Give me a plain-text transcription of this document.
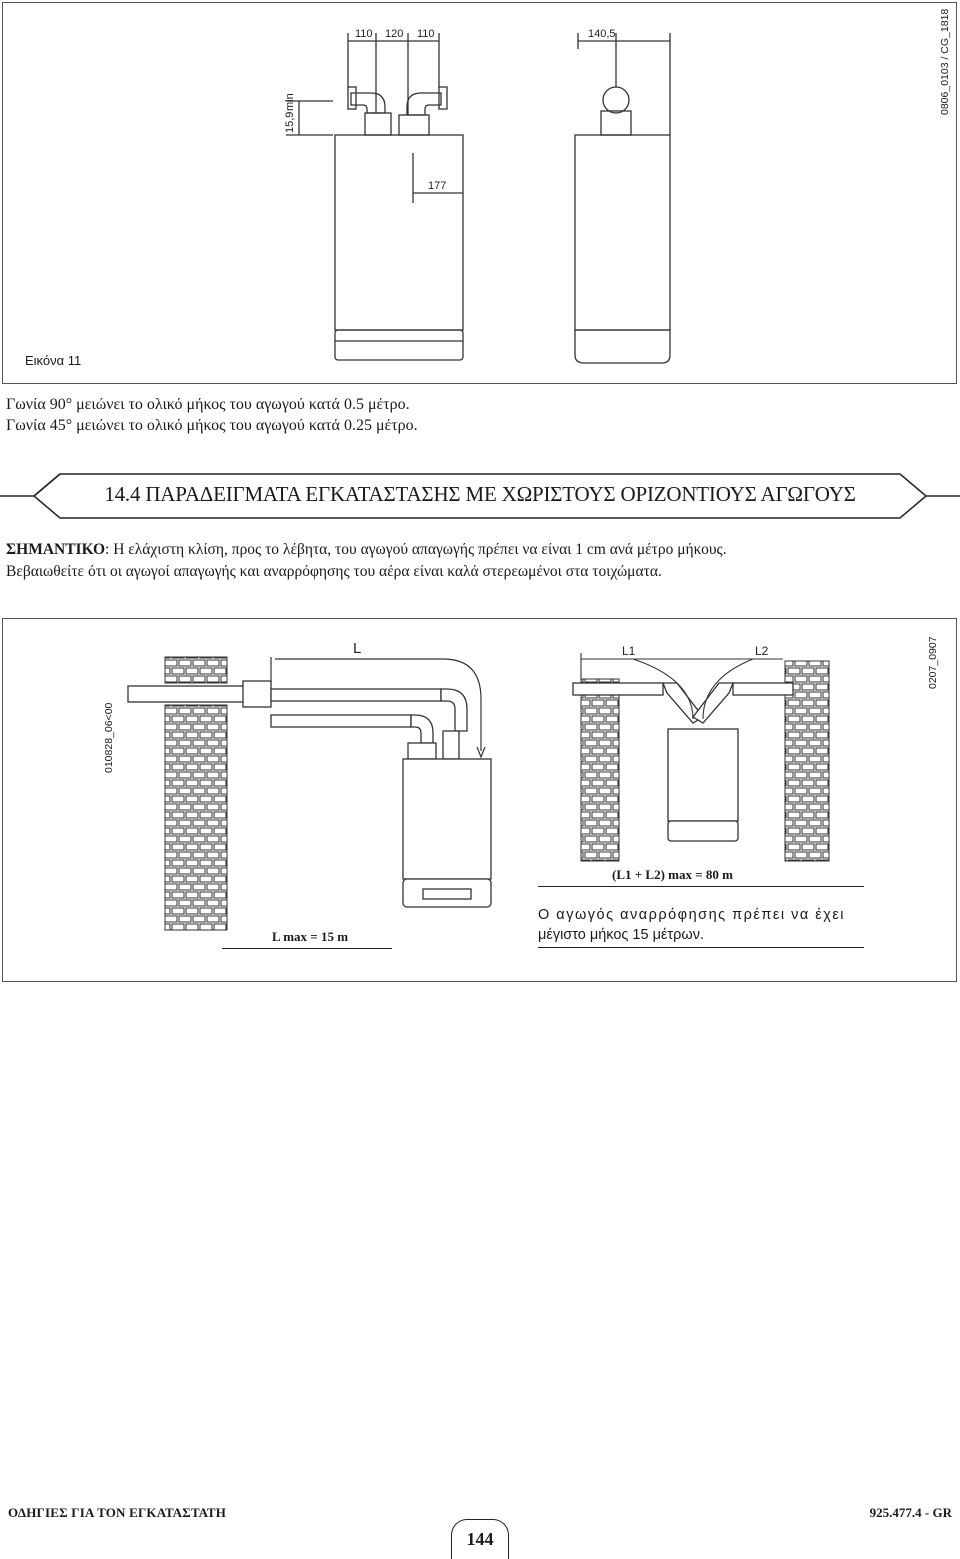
110 120 110	140,5
177
15,9
min
Εικόνα 11
0806_0103 / CG_1818
Γωνία 90° μειώνει το ολικό μήκος του αγωγού κατά 0.5 μέτρο.
Γωνία 45° μειώνει το ολικό μήκος του αγωγού κατά 0.25 μέτρο.
14.4 ΠΑΡΑΔΕΙΓΜΑΤΑ ΕΓΚΑΤΑΣΤΑΣΗΣ ΜΕ ΧΩΡΙΣΤΟΥΣ ΟΡΙΖΟΝΤΙΟΥΣ ΑΓΩΓΟΥΣ
ΣΗΜΑΝΤΙΚΟ: Η ελάχιστη κλίση, προς το λέβητα, του αγωγού απαγωγής πρέπει να είναι 1 cm ανά μέτρο μήκους.
Βεβαιωθείτε ότι οι αγωγοί απαγωγής και αναρρόφησης του αέρα είναι καλά στερεωμένοι στα τοιχώματα.
L	L1	L2
010828_06<00
0207_0907
(L1 + L2) max = 80 m
L max = 15 m
Ο αγωγός αναρρόφησης πρέπει να έχει
μέγιστο μήκος 15 μέτρων.
ΟΔΗΓΙΕΣ ΓΙΑ ΤΟΝ ΕΓΚΑΤΑΣΤΑΤΗ
144
925.477.4 - GR
